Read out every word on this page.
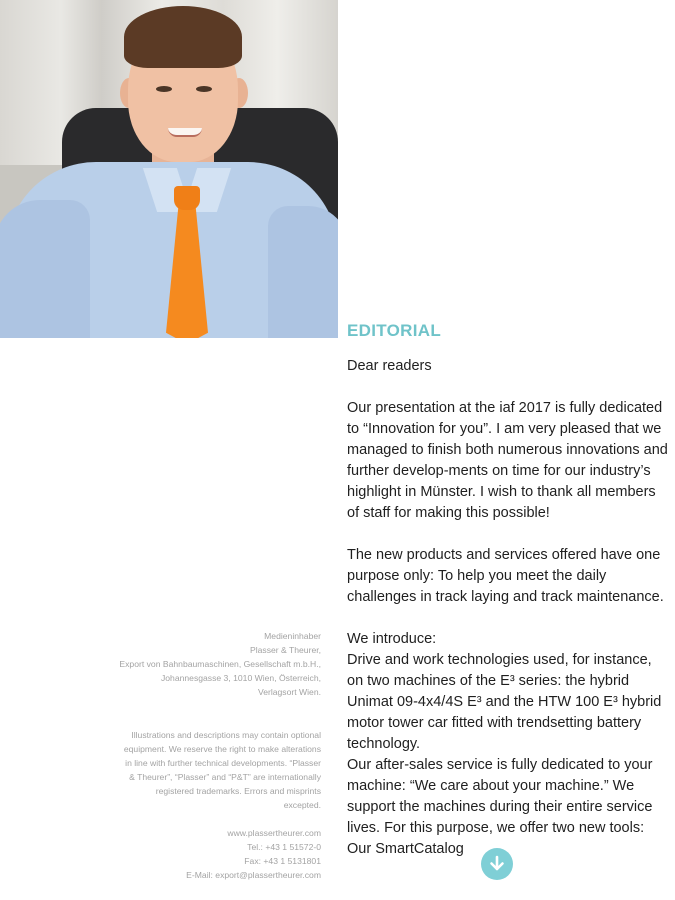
EDITORIAL

Dear readers

Our presentation at the iaf 2017 is fully dedicated to “Innovation for you”. I am very pleased that we managed to finish both numerous innovations and further develop-ments on time for our industry’s highlight in Münster. I wish to thank all members of staff for making this possible!

The new products and services offered have one purpose only: To help you meet the daily challenges in track laying and track maintenance.

We introduce:

Drive and work technologies used, for instance, on two machines of the E³ series: the hybrid Unimat 09-4x4/4S E³ and the HTW 100 E³ hybrid motor tower car fitted with trendsetting battery technology.

Our after-sales service is fully dedicated to your machine: “We care about your machine.” We support the machines during their entire service lives. For this purpose, we offer two new tools: Our SmartCatalog

Medieninhaber
Plasser & Theurer,
Export von Bahnbaumaschinen, Gesellschaft m.b.H.,
Johannesgasse 3, 1010 Wien, Österreich,
Verlagsort Wien.
Illustrations and descriptions may contain optional
equipment. We reserve the right to make alterations
in line with further technical developments. “Plasser
& Theurer”, “Plasser” and “P&T” are internationally
registered trademarks. Errors and misprints
excepted.
www.plassertheurer.com
Tel.: +43 1 51572-0
Fax: +43 1 5131801
E-Mail: export@plassertheurer.com
